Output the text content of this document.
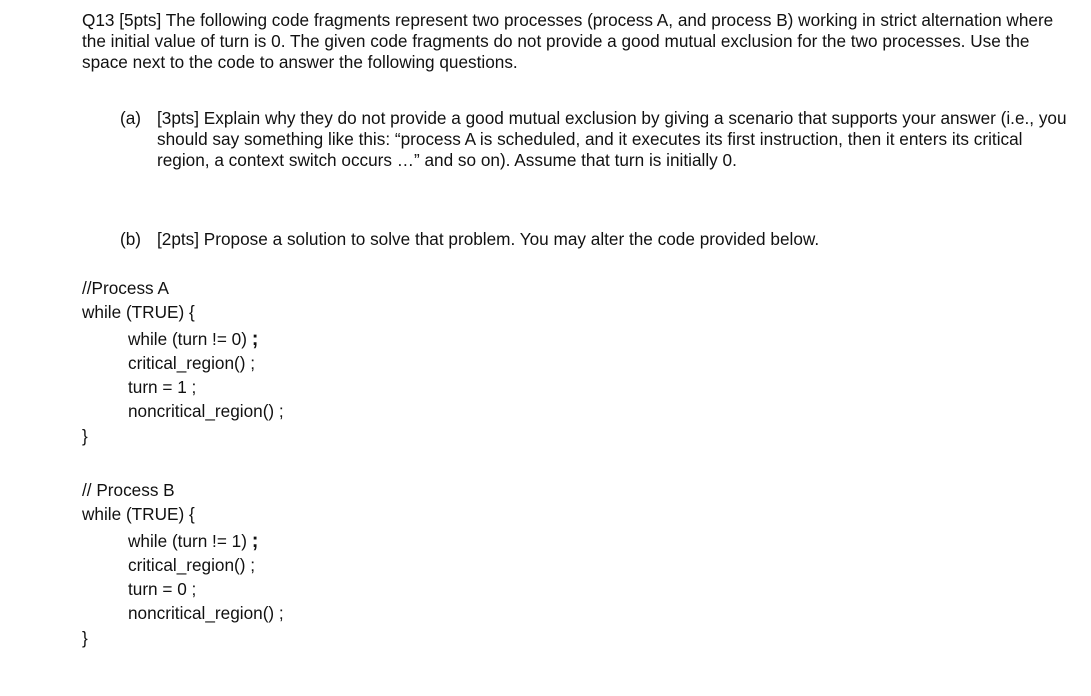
Q13 [5pts] The following code fragments represent two processes (process A, and process B) working in strict alternation where the initial value of turn is 0. The given code fragments do not provide a good mutual exclusion for the two processes. Use the space next to the code to answer the following questions.
(a) [3pts] Explain why they do not provide a good mutual exclusion by giving a scenario that supports your answer (i.e., you should say something like this: “process A is scheduled, and it executes its first instruction, then it enters its critical region, a context switch occurs …” and so on). Assume that turn is initially 0.
(b) [2pts] Propose a solution to solve that problem. You may alter the code provided below.
//Process A
while (TRUE) {
while (turn != 0) ;
critical_region() ;
turn = 1 ;
noncritical_region() ;
}
// Process B
while (TRUE) {
while (turn != 1) ;
critical_region() ;
turn = 0 ;
noncritical_region() ;
}
